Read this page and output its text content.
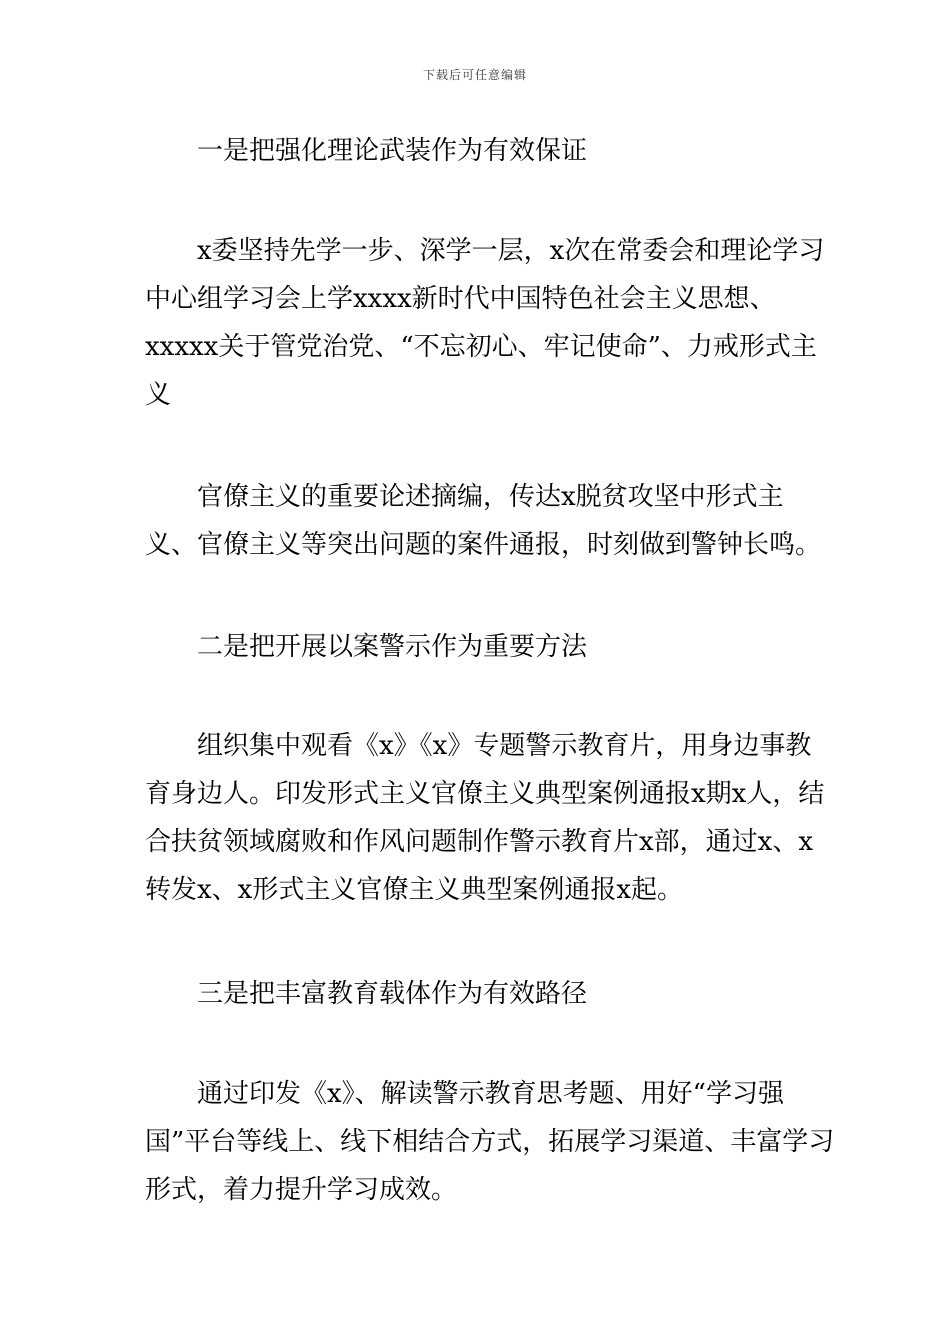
下载后可任意编辑

一是把强化理论武装作为有效保证

x委坚持先学一步、深学一层，x次在常委会和理论学习中心组学习会上学xxxx新时代中国特色社会主义思想、xxxxx关于管党治党、“不忘初心、牢记使命”、力戒形式主义

官僚主义的重要论述摘编，传达x脱贫攻坚中形式主义、官僚主义等突出问题的案件通报，时刻做到警钟长鸣。

二是把开展以案警示作为重要方法

组织集中观看《x》《x》专题警示教育片，用身边事教育身边人。印发形式主义官僚主义典型案例通报x期x人，结合扶贫领域腐败和作风问题制作警示教育片x部，通过x、x转发x、x形式主义官僚主义典型案例通报x起。

三是把丰富教育载体作为有效路径

通过印发《x》、解读警示教育思考题、用好“学习强国”平台等线上、线下相结合方式，拓展学习渠道、丰富学习形式，着力提升学习成效。
